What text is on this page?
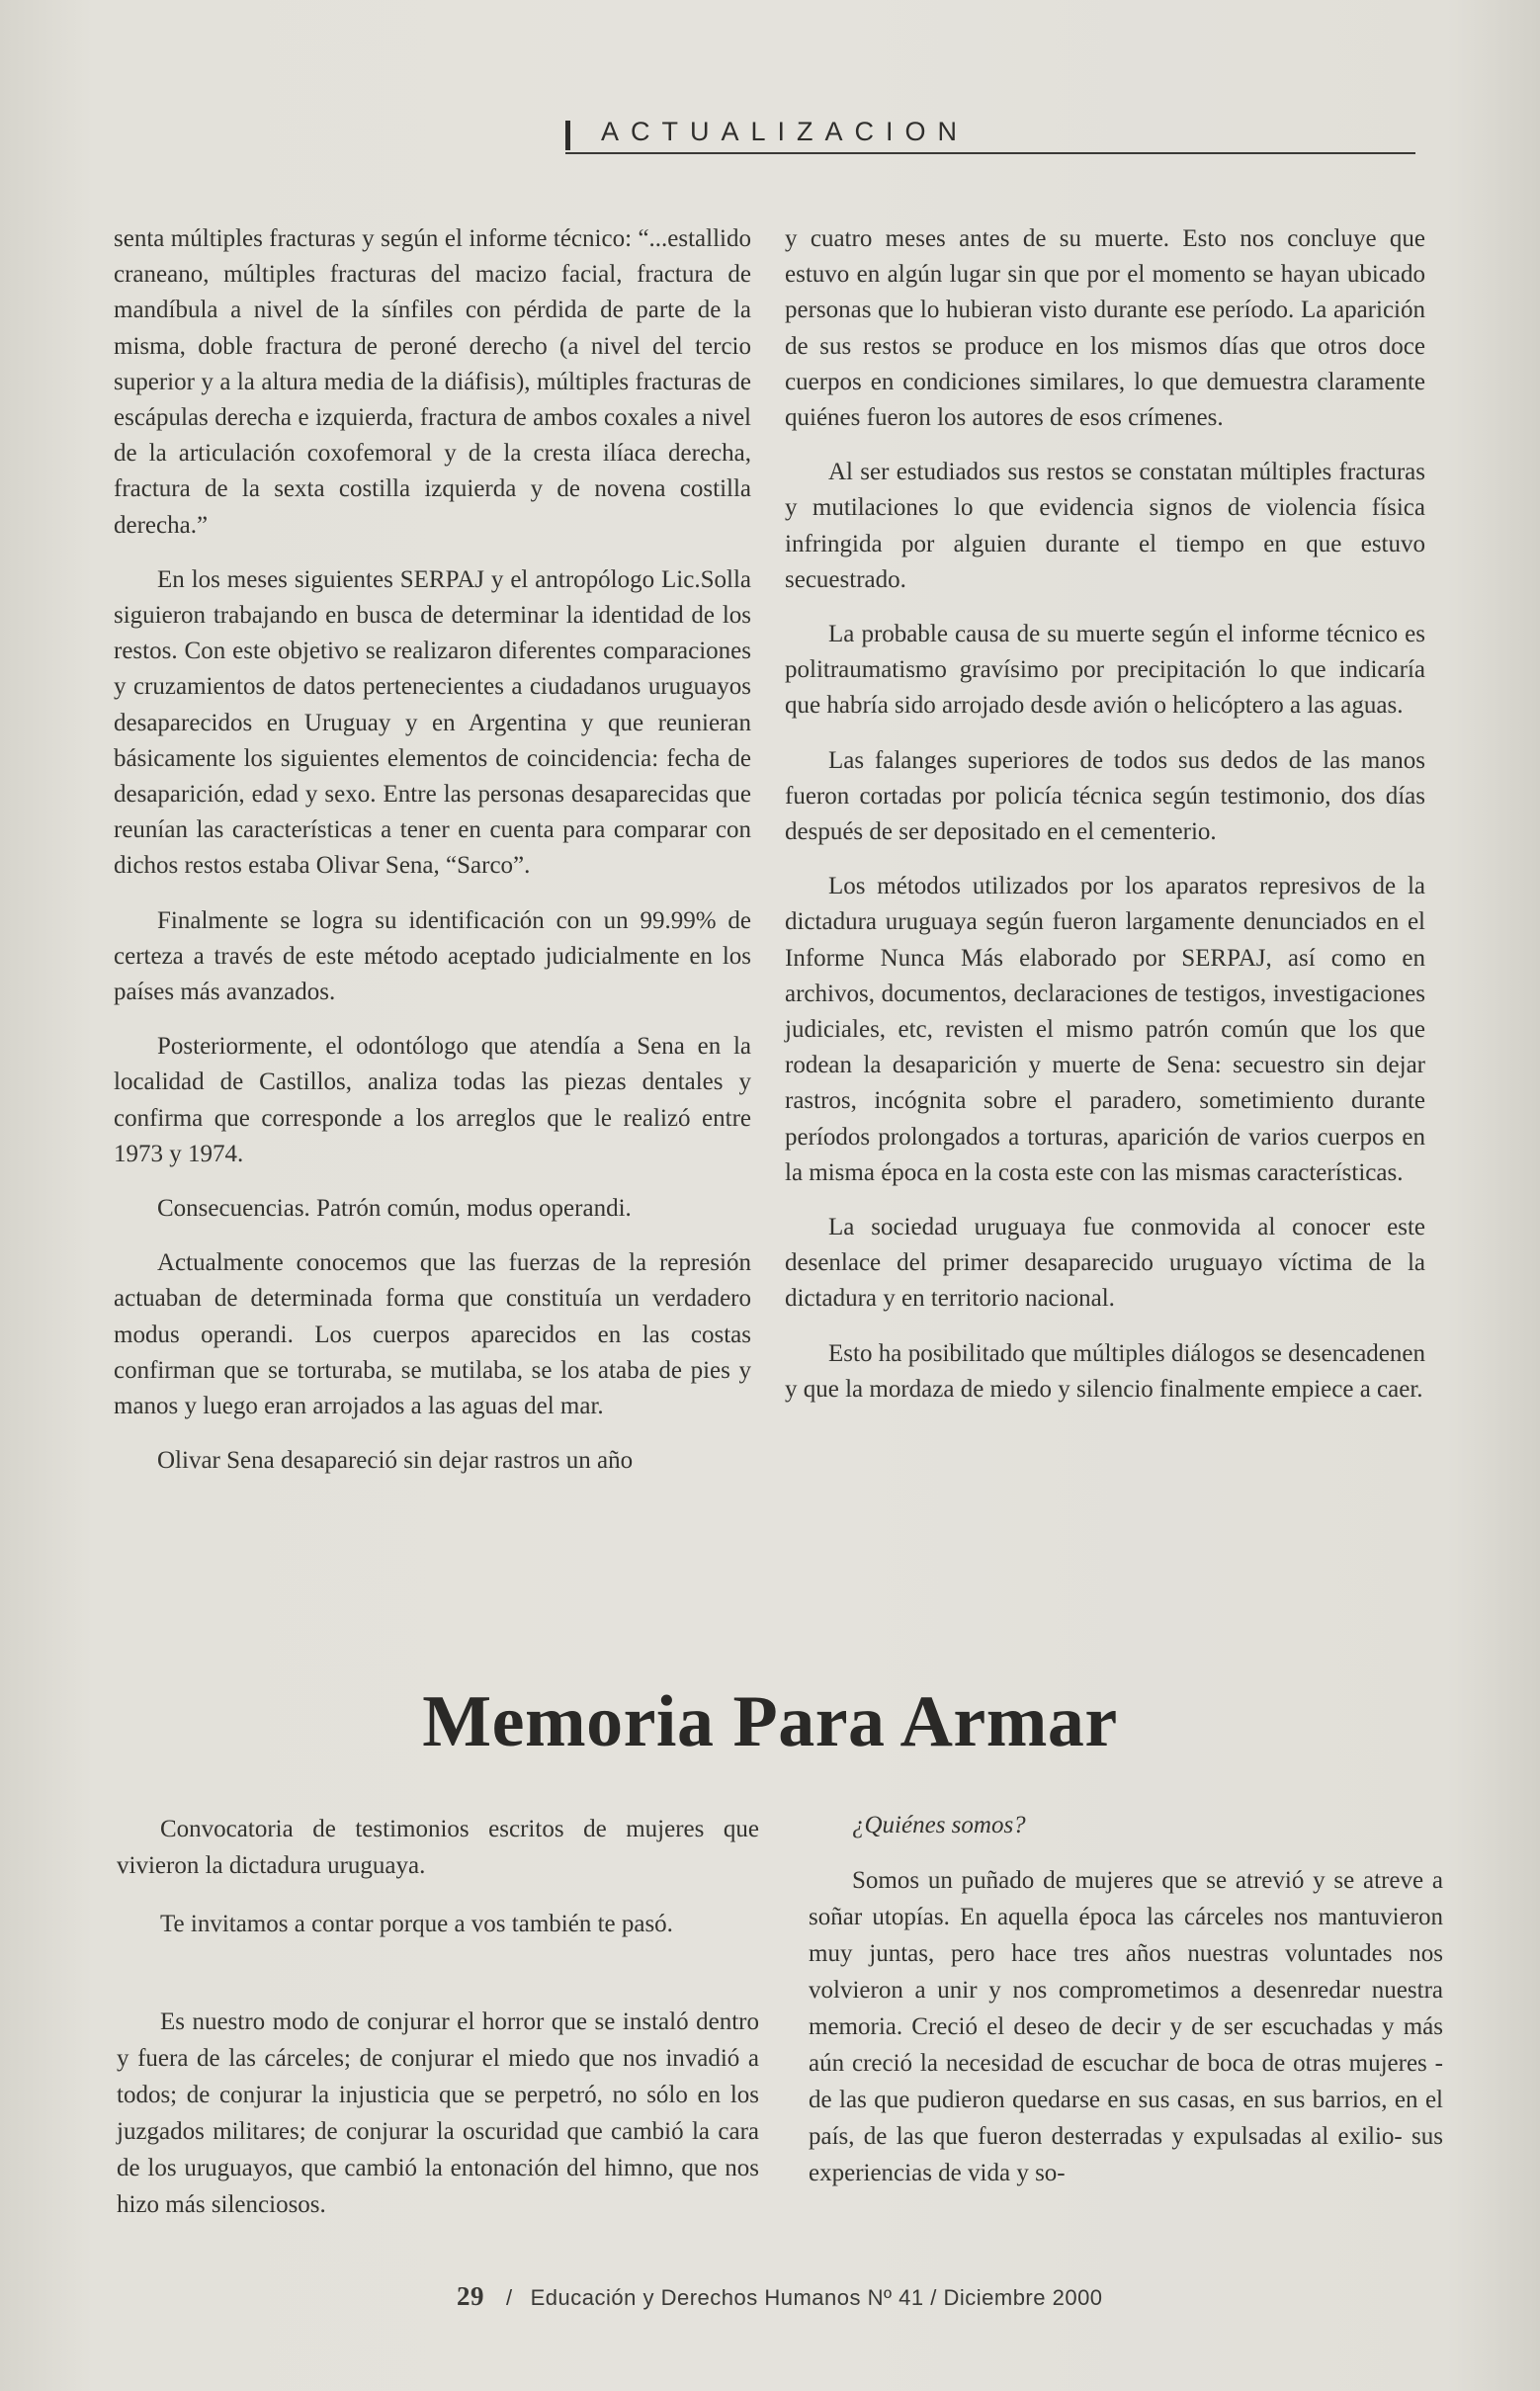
ACTUALIZACION

senta múltiples fracturas y según el informe técnico: “...estallido craneano, múltiples fracturas del macizo facial, fractura de mandíbula a nivel de la sínfiles con pérdida de parte de la misma, doble fractura de peroné derecho (a nivel del tercio superior y a la altura media de la diáfisis), múltiples fracturas de escápulas derecha e izquierda, fractura de ambos coxales a nivel de la articulación coxofemoral y de la cresta ilíaca derecha, fractura de la sexta costilla izquierda y de novena costilla derecha.”

En los meses siguientes SERPAJ y el antropólogo Lic.Solla siguieron trabajando en busca de determinar la identidad de los restos. Con este objetivo se realizaron diferentes comparaciones y cruzamientos de datos pertenecientes a ciudadanos uruguayos desaparecidos en Uruguay y en Argentina y que reunieran básicamente los siguientes elementos de coincidencia: fecha de desaparición, edad y sexo. Entre las personas desaparecidas que reunían las características a tener en cuenta para comparar con dichos restos estaba Olivar Sena, “Sarco”.

Finalmente se logra su identificación con un 99.99% de certeza a través de este método aceptado judicialmente en los países más avanzados.

Posteriormente, el odontólogo que atendía a Sena en la localidad de Castillos, analiza todas las piezas dentales y confirma que corresponde a los arreglos que le realizó entre 1973 y 1974.

Consecuencias. Patrón común, modus operandi.

Actualmente conocemos que las fuerzas de la represión actuaban de determinada forma que constituía un verdadero modus operandi. Los cuerpos aparecidos en las costas confirman que se torturaba, se mutilaba, se los ataba de pies y manos y luego eran arrojados a las aguas del mar.

Olivar Sena desapareció sin dejar rastros un año

y cuatro meses antes de su muerte. Esto nos concluye que estuvo en algún lugar sin que por el momento se hayan ubicado personas que lo hubieran visto durante ese período. La aparición de sus restos se produce en los mismos días que otros doce cuerpos en condiciones similares, lo que demuestra claramente quiénes fueron los autores de esos crímenes.

Al ser estudiados sus restos se constatan múltiples fracturas y mutilaciones lo que evidencia signos de violencia física infringida por alguien durante el tiempo en que estuvo secuestrado.

La probable causa de su muerte según el informe técnico es politraumatismo gravísimo por precipitación lo que indicaría que habría sido arrojado desde avión o helicóptero a las aguas.

Las falanges superiores de todos sus dedos de las manos fueron cortadas por policía técnica según testimonio, dos días después de ser depositado en el cementerio.

Los métodos utilizados por los aparatos represivos de la dictadura uruguaya según fueron largamente denunciados en el Informe Nunca Más elaborado por SERPAJ, así como en archivos, documentos, declaraciones de testigos, investigaciones judiciales, etc, revisten el mismo patrón común que los que rodean la desaparición y muerte de Sena: secuestro sin dejar rastros, incógnita sobre el paradero, sometimiento durante períodos prolongados a torturas, aparición de varios cuerpos en la misma época en la costa este con las mismas características.

La sociedad uruguaya fue conmovida al conocer este desenlace del primer desaparecido uruguayo víctima de la dictadura y en territorio nacional.

Esto ha posibilitado que múltiples diálogos se desencadenen y que la mordaza de miedo y silencio finalmente empiece a caer.

Memoria Para Armar

Convocatoria de testimonios escritos de mujeres que vivieron la dictadura uruguaya.

Te invitamos a contar porque a vos también te pasó.

Es nuestro modo de conjurar el horror que se instaló dentro y fuera de las cárceles; de conjurar el miedo que nos invadió a todos; de conjurar la injusticia que se perpetró, no sólo en los juzgados militares; de conjurar la oscuridad que cambió la cara de los uruguayos, que cambió la entonación del himno, que nos hizo más silenciosos.

¿Quiénes somos?

Somos un puñado de mujeres que se atrevió y se atreve a soñar utopías. En aquella época las cárceles nos mantuvieron muy juntas, pero hace tres años nuestras voluntades nos volvieron a unir y nos comprometimos a desenredar nuestra memoria. Creció el deseo de decir y de ser escuchadas y más aún creció la necesidad de escuchar de boca de otras mujeres - de las que pudieron quedarse en sus casas, en sus barrios, en el país, de las que fueron desterradas y expulsadas al exilio- sus experiencias de vida y so-

29 / Educación y Derechos Humanos Nº 41 / Diciembre 2000
